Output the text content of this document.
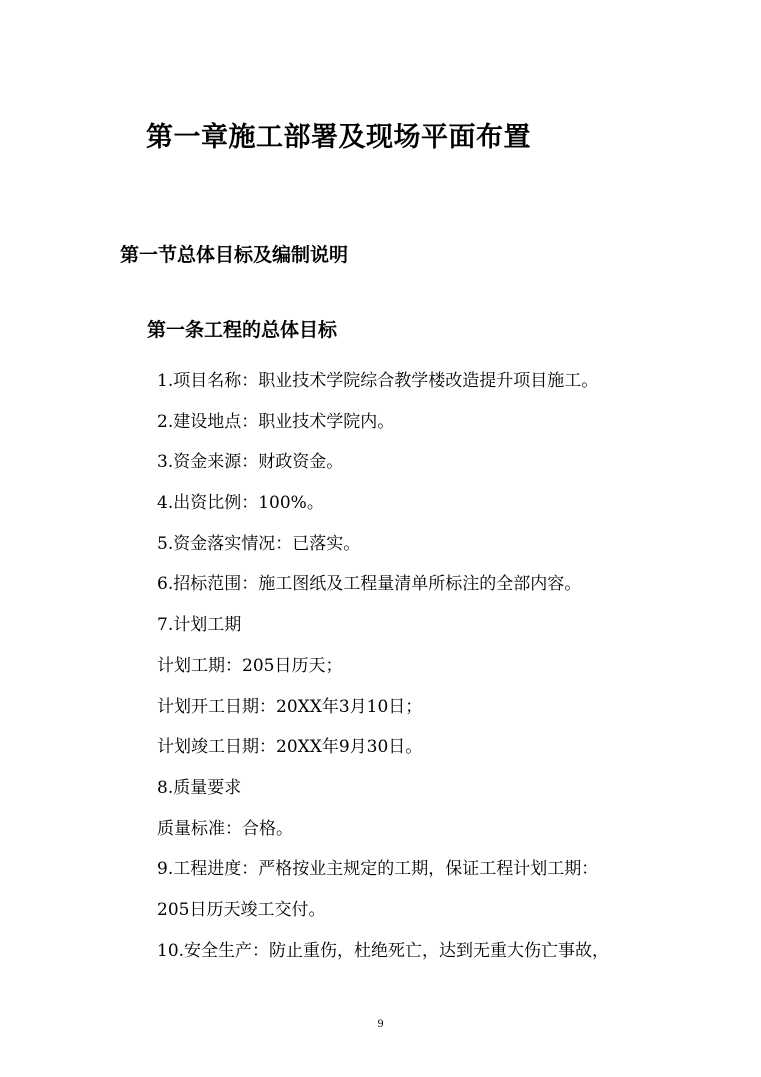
第一章施工部署及现场平面布置
第一节总体目标及编制说明
第一条工程的总体目标
1.项目名称：职业技术学院综合教学楼改造提升项目施工。
2.建设地点：职业技术学院内。
3.资金来源：财政资金。
4.出资比例：100%。
5.资金落实情况：已落实。
6.招标范围：施工图纸及工程量清单所标注的全部内容。
7.计划工期
计划工期：205日历天；
计划开工日期：20XX年3月10日；
计划竣工日期：20XX年9月30日。
8.质量要求
质量标准：合格。
9.工程进度：严格按业主规定的工期，保证工程计划工期：
205日历天竣工交付。
10.安全生产：防止重伤，杜绝死亡，达到无重大伤亡事故，
9
